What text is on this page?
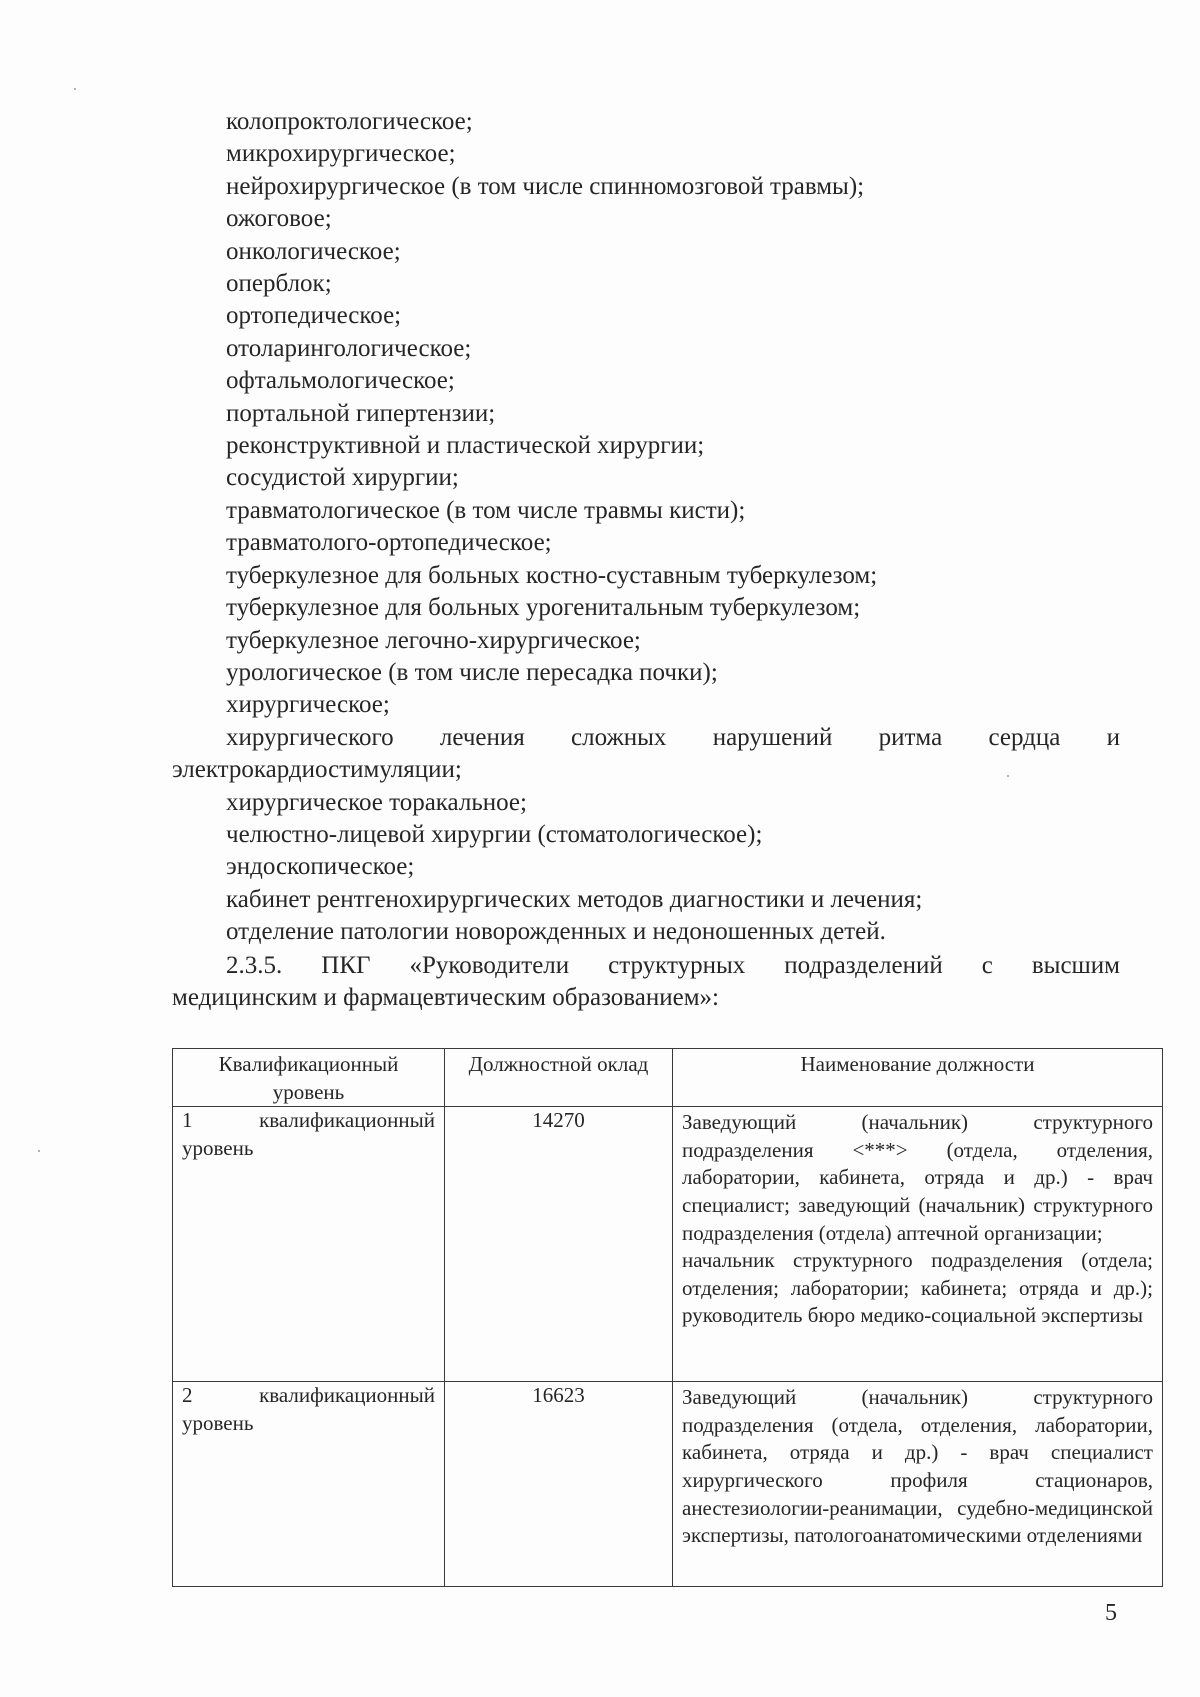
колопроктологическое;
микрохирургическое;
нейрохирургическое (в том числе спинномозговой травмы);
ожоговое;
онкологическое;
оперблок;
ортопедическое;
отоларингологическое;
офтальмологическое;
портальной гипертензии;
реконструктивной и пластической хирургии;
сосудистой хирургии;
травматологическое (в том числе травмы кисти);
травматолого-ортопедическое;
туберкулезное для больных костно-суставным туберкулезом;
туберкулезное для больных урогенитальным туберкулезом;
туберкулезное легочно-хирургическое;
урологическое (в том числе пересадка почки);
хирургическое;
хирургического лечения сложных нарушений ритма сердца и
электрокардиостимуляции;
хирургическое торакальное;
челюстно-лицевой хирургии (стоматологическое);
эндоскопическое;
кабинет рентгенохирургических методов диагностики и лечения;
отделение патологии новорожденных и недоношенных детей.
2.3.5. ПКГ «Руководители структурных подразделений с высшим
медицинским и фармацевтическим образованием»:
Квалификационный уровень	Должностной оклад	Наименование должности

1 квалификационный
уровень	14270	Заведующий (начальник) структурного подразделения <***> (отдела, отделения, лаборатории, кабинета, отряда и др.) - врач специалист; заведующий (начальник) структурного подразделения (отдела) аптечной организации;
начальник структурного подразделения (отдела; отделения; лаборатории; кабинета; отряда и др.); руководитель бюро медико-социальной экспертизы

2 квалификационный
уровень	16623	Заведующий (начальник) структурного подразделения (отдела, отделения, лаборатории, кабинета, отряда и др.) - врач специалист хирургического профиля стационаров, анестезиологии-реанимации, судебно-медицинской экспертизы, патологоанатомическими отделениями
5
